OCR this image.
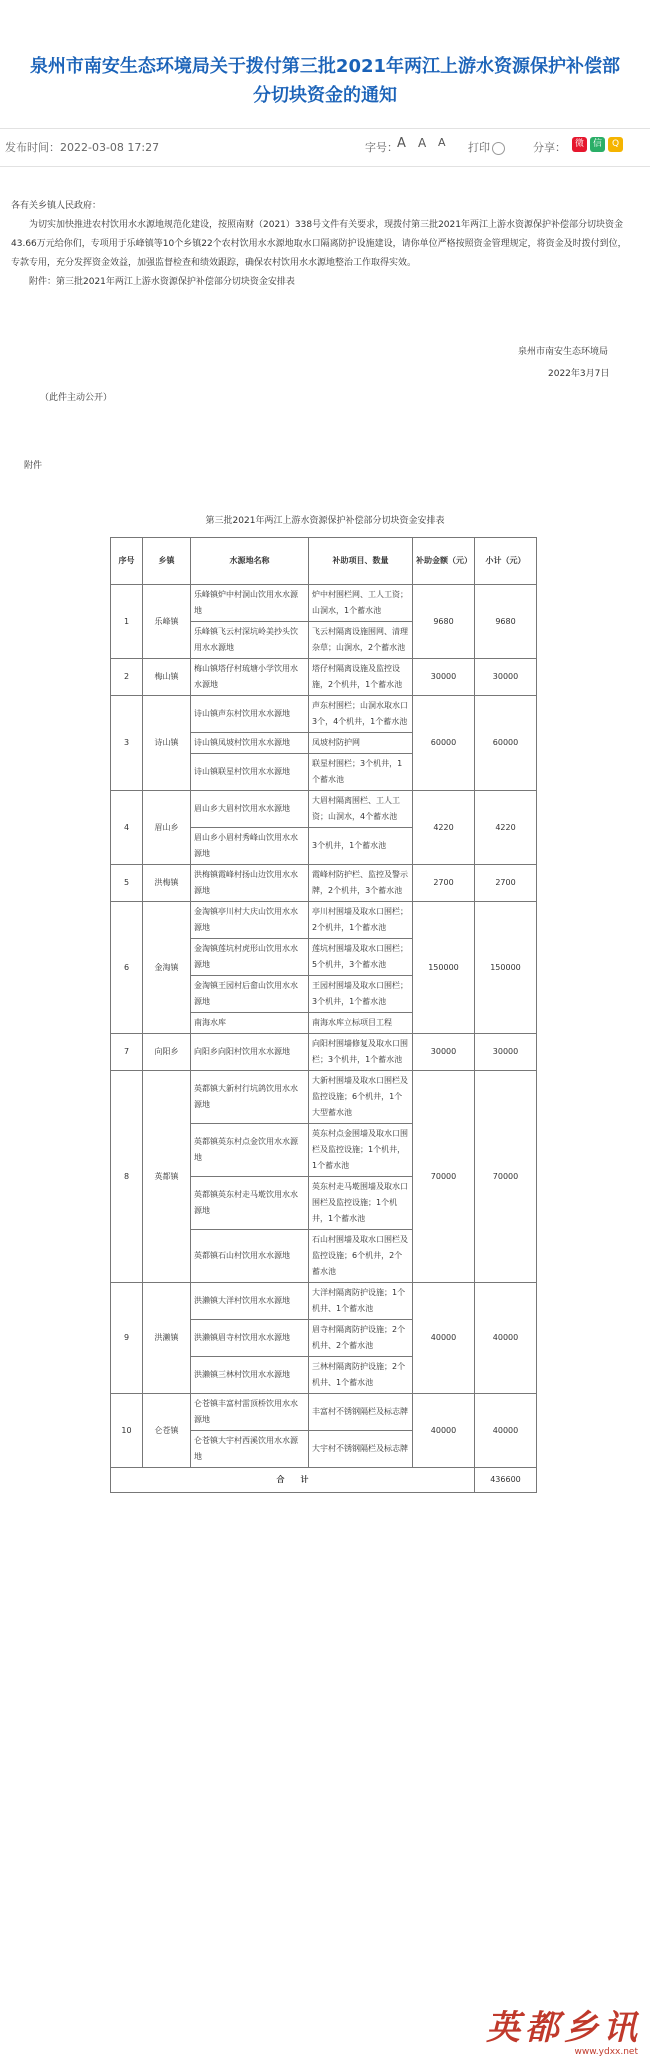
泉州市南安生态环境局关于拨付第三批2021年两江上游水资源保护补偿部
分切块资金的通知
发布时间：2022-03-08 17:27	字号： A A A 打印	分享： 微 信	Q
各有关乡镇人民政府：
为切实加快推进农村饮用水水源地规范化建设，按照南财（2021）338号文件有关要求，现拨付第三批2021年两江上游水资源保护补偿部分切块资金43.66万元给你们，专项用于乐峰镇等10个乡镇22个农村饮用水水源地取水口隔离防护设施建设，请你单位严格按照资金管理规定，将资金及时拨付到位，专款专用，充分发挥资金效益，加强监督检查和绩效跟踪，确保农村饮用水水源地整治工作取得实效。
附件：第三批2021年两江上游水资源保护补偿部分切块资金安排表
泉州市南安生态环境局
2022年3月7日
（此件主动公开）
附件
第三批2021年两江上游水资源保护补偿部分切块资金安排表
序号	乡镇	水源地名称	补助项目、数量	补助金额（元）	小计（元）
1	乐峰镇	乐峰镇炉中村洞山饮用水水源地	炉中村围栏网、工人工资；山洞水，1个蓄水池	9680	9680
		乐峰镇飞云村深坑岭美抄头饮用水水源地	飞云村隔离设施围网、清理杂草；山涧水，2个蓄水池		
2	梅山镇	梅山镇塔仔村琉塘小学饮用水水源地	塔仔村隔离设施及监控设施，2个机井，1个蓄水池	30000	30000
3	诗山镇	诗山镇声东村饮用水水源地	声东村围栏；山洞水取水口3个，4个机井，1个蓄水池	60000	60000
		诗山镇凤坡村饮用水水源地	凤坡村防护网		
		诗山镇联星村饮用水水源地	联星村围栏；3个机井，1个蓄水池		
4	眉山乡	眉山乡大眉村饮用水水源地	大眉村隔离围栏、工人工资；山洞水，4个蓄水池	4220	4220
		眉山乡小眉村秀峰山饮用水水源地	3个机井，1个蓄水池		
5	洪梅镇	洪梅镇霞峰村扬山边饮用水水源地	霞峰村防护栏、监控及警示牌，2个机井，3个蓄水池	2700	2700
6	金淘镇	金淘镇亭川村大庆山饮用水水源地	亭川村围墙及取水口围栏；2个机井，1个蓄水池	150000	150000
		金淘镇莲坑村虎形山饮用水水源地	莲坑村围墙及取水口围栏；5个机井，3个蓄水池		
		金淘镇王园村后畲山饮用水水源地	王园村围墙及取水口围栏；3个机井，1个蓄水池		
		南海水库	南海水库立标项目工程		
7	向阳乡	向阳乡向阳村饮用水水源地	向阳村围墙修复及取水口围栏；3个机井，1个蓄水池	30000	30000
8	英都镇	英都镇大新村行坑鸽饮用水水源地	大新村围墙及取水口围栏及监控设施；6个机井，1个大型蓄水池	70000	70000
		英都镇英东村点金饮用水水源地	英东村点金围墙及取水口围栏及监控设施；1个机井，1个蓄水池		
		英都镇英东村走马墘饮用水水源地	英东村走马墘围墙及取水口围栏及监控设施；1个机井，1个蓄水池		
		英都镇石山村饮用水水源地	石山村围墙及取水口围栏及监控设施；6个机井，2个蓄水池		
9	洪濑镇	洪濑镇大洋村饮用水水源地	大洋村隔离防护设施；1个机井、1个蓄水池	40000	40000
		洪濑镇眉寺村饮用水水源地	眉寺村隔离防护设施；2个机井、2个蓄水池		
		洪濑镇三林村饮用水水源地	三林村隔离防护设施；2个机井、1个蓄水池		
10	仑苍镇	仑苍镇丰富村雷顶桥饮用水水源地	丰富村不锈钢隔栏及标志牌	40000	40000
		仑苍镇大宇村西溪饮用水水源地	大宇村不锈钢隔栏及标志牌		
合　　计					436600
英都乡讯
www.ydxx.net
